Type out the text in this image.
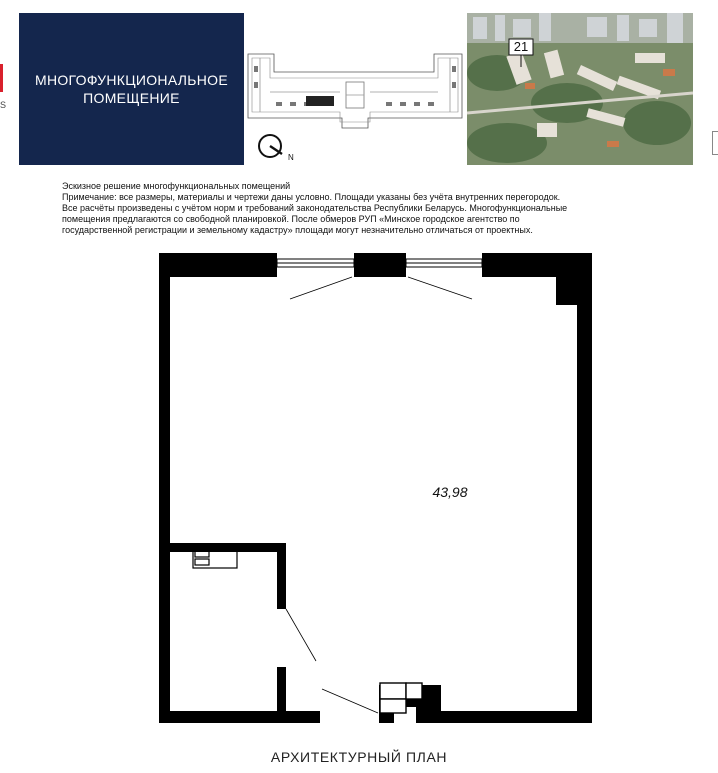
S
МНОГОФУНКЦИОНАЛЬНОЕ
ПОМЕЩЕНИЕ
N
21
Эскизное решение многофункциональных помещений
Примечание: все размеры, материалы и чертежи даны условно. Площади указаны без учёта внутренних перегородок.
Все расчёты произведены с учётом норм и требований законодательства Республики Беларусь. Многофункциональные
помещения предлагаются со свободной планировкой. После обмеров РУП «Минское городское агентство по
государственной регистрации и земельному кадастру» площади могут незначительно отличаться от проектных.
43,98
АРХИТЕКТУРНЫЙ ПЛАН
